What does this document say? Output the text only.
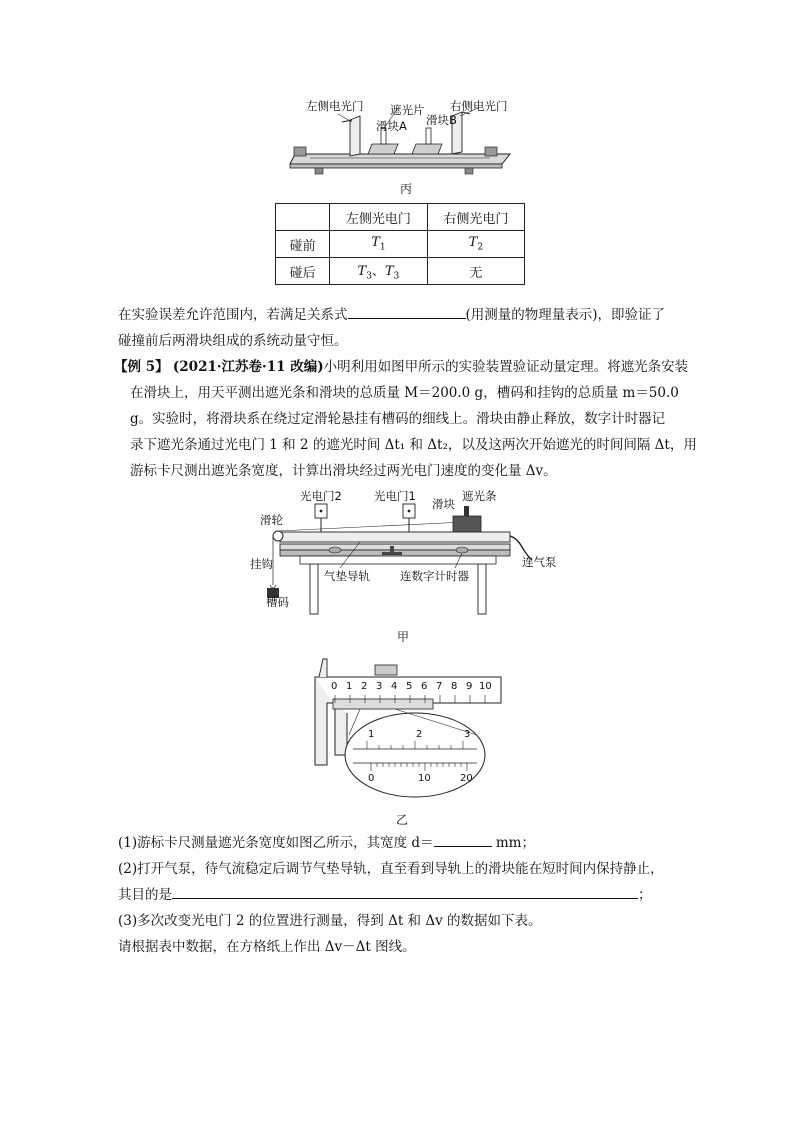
左侧电光门 遮光片 右侧电光门
滑块A 滑块B
丙
	左侧光电门	右侧光电门
碰前	$T_1$	$T_2$
碰后	$T_3$、$T_3$	无
在实验误差允许范围内，若满足关系式	(用测量的物理量表示)，即验证了
碰撞前后两滑块组成的系统动量守恒。
【例 5】 (2021·江苏卷·11 改编)小明利用如图甲所示的实验装置验证动量定理。将遮光条安装
在滑块上，用天平测出遮光条和滑块的总质量 M＝200.0 g，槽码和挂钩的总质量 m＝50.0
g。实验时，将滑块系在绕过定滑轮悬挂有槽码的细线上。滑块由静止释放，数字计时器记
录下遮光条通过光电门 1 和 2 的遮光时间 Δt₁ 和 Δt₂，以及这两次开始遮光的时间间隔 Δt，用
游标卡尺测出遮光条宽度，计算出滑块经过两光电门速度的变化量 Δv。
光电门2	光电门1
滑块
遮光条
滑轮
挂钩
槽码
气垫导轨	连数字计时器
连气泵
甲
0 1 2 3 4 5 6 7 8 9 10
1	2	3
0	10	20
乙
(1)游标卡尺测量遮光条宽度如图乙所示，其宽度 d＝	mm；
(2)打开气泵，待气流稳定后调节气垫导轨，直至看到导轨上的滑块能在短时间内保持静止，
其目的是	；
(3)多次改变光电门 2 的位置进行测量，得到 Δt 和 Δv 的数据如下表。
请根据表中数据，在方格纸上作出 Δv－Δt 图线。
